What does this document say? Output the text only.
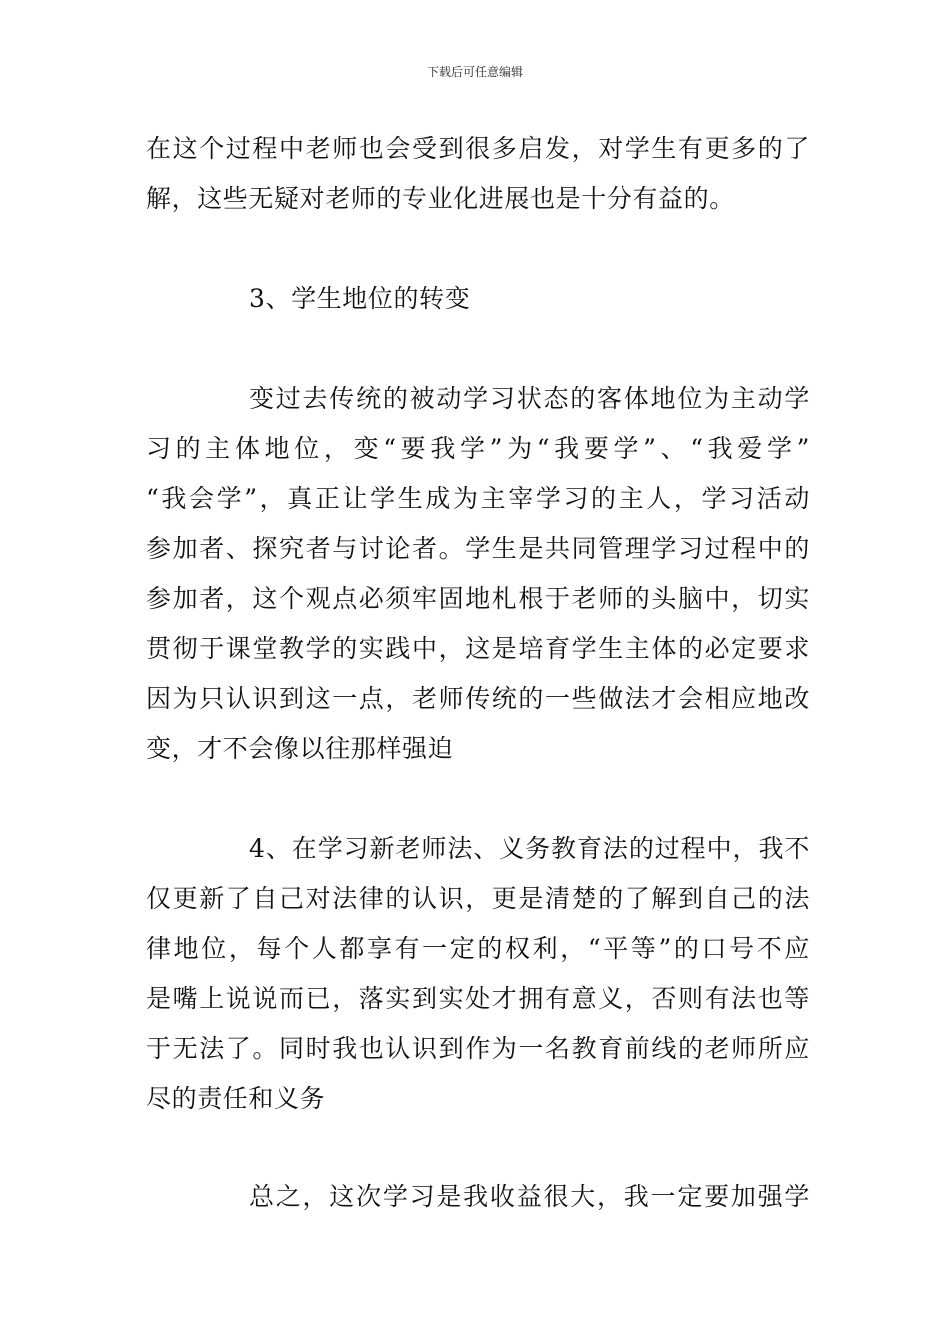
下载后可任意编辑
在这个过程中老师也会受到很多启发，对学生有更多的了
解，这些无疑对老师的专业化进展也是十分有益的。
3、学生地位的转变
变过去传统的被动学习状态的客体地位为主动学
习的主体地位，变“要我学”为“我要学”、“我爱学”
“我会学”，真正让学生成为主宰学习的主人，学习活动
参加者、探究者与讨论者。学生是共同管理学习过程中的
参加者，这个观点必须牢固地札根于老师的头脑中，切实
贯彻于课堂教学的实践中，这是培育学生主体的必定要求
因为只认识到这一点，老师传统的一些做法才会相应地改
变，才不会像以往那样强迫
4、在学习新老师法、义务教育法的过程中，我不
仅更新了自己对法律的认识，更是清楚的了解到自己的法
律地位，每个人都享有一定的权利，“平等”的口号不应
是嘴上说说而已，落实到实处才拥有意义，否则有法也等
于无法了。同时我也认识到作为一名教育前线的老师所应
尽的责任和义务
总之，这次学习是我收益很大，我一定要加强学
